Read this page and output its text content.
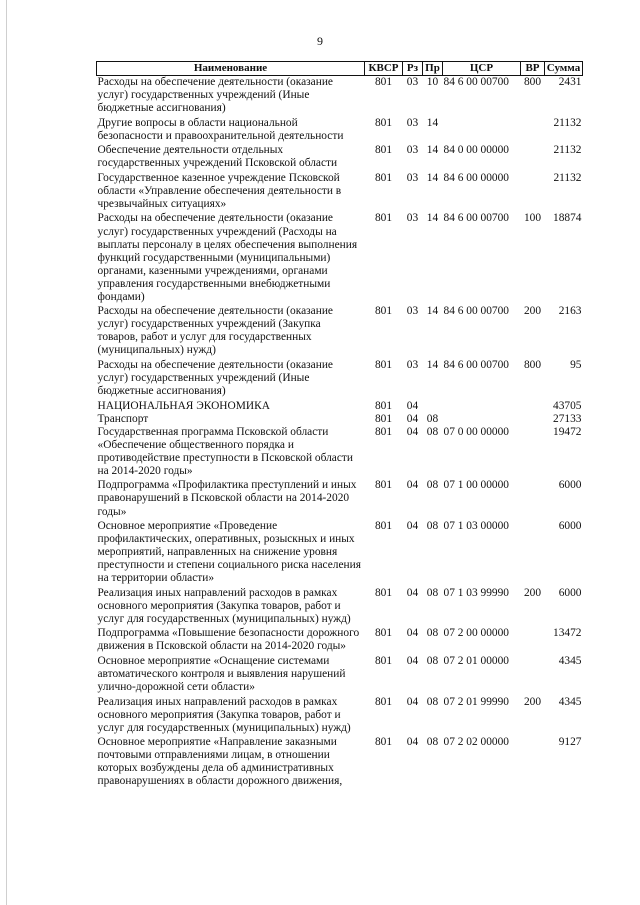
9
Наименование	КВСР	Рз	Пр	ЦСР	ВР	Сумма
Расходы на обеспечение деятельности (оказание услуг) государственных учреждений (Иные бюджетные ассигнования)	801	03	10	84 6 00 00700	800	2431
Другие вопросы в области национальной безопасности и правоохранительной деятельности	801	03	14			21132
Обеспечение деятельности отдельных государственных учреждений Псковской области	801	03	14	84 0 00 00000		21132
Государственное казенное учреждение Псковской области «Управление обеспечения деятельности в чрезвычайных ситуациях»	801	03	14	84 6 00 00000		21132
Расходы на обеспечение деятельности (оказание услуг) государственных учреждений (Расходы на выплаты персоналу в целях обеспечения выполнения функций государственными (муниципальными) органами, казенными учреждениями, органами управления государственными внебюджетными фондами)	801	03	14	84 6 00 00700	100	18874
Расходы на обеспечение деятельности (оказание услуг) государственных учреждений (Закупка товаров, работ и услуг для государственных (муниципальных) нужд)	801	03	14	84 6 00 00700	200	2163
Расходы на обеспечение деятельности (оказание услуг) государственных учреждений (Иные бюджетные ассигнования)	801	03	14	84 6 00 00700	800	95
НАЦИОНАЛЬНАЯ ЭКОНОМИКА	801	04				43705
Транспорт	801	04	08			27133
Государственная программа Псковской области «Обеспечение общественного порядка и противодействие преступности в Псковской области на 2014-2020 годы»	801	04	08	07 0 00 00000		19472
Подпрограмма «Профилактика преступлений и иных правонарушений в Псковской области на 2014-2020 годы»	801	04	08	07 1 00 00000		6000
Основное мероприятие «Проведение профилактических, оперативных, розыскных и иных мероприятий, направленных на снижение уровня преступности и степени социального риска населения на территории области»	801	04	08	07 1 03 00000		6000
Реализация иных направлений расходов в рамках основного мероприятия (Закупка товаров, работ и услуг для государственных (муниципальных) нужд)	801	04	08	07 1 03 99990	200	6000
Подпрограмма «Повышение безопасности дорожного движения в Псковской области на 2014-2020 годы»	801	04	08	07 2 00 00000		13472
Основное мероприятие «Оснащение системами автоматического контроля и выявления нарушений улично-дорожной сети области»	801	04	08	07 2 01 00000		4345
Реализация иных направлений расходов в рамках основного мероприятия (Закупка товаров, работ и услуг для государственных (муниципальных) нужд)	801	04	08	07 2 01 99990	200	4345
Основное мероприятие «Направление заказными почтовыми отправлениями лицам, в отношении которых возбуждены дела об административных правонарушениях в области дорожного движения,	801	04	08	07 2 02 00000		9127
